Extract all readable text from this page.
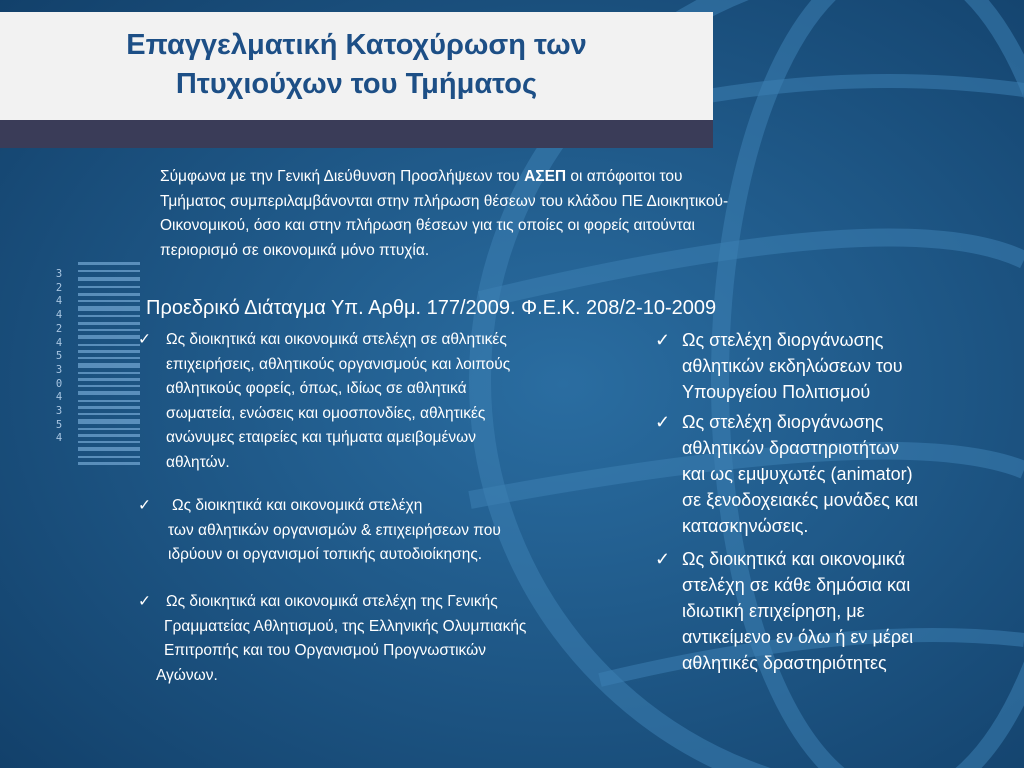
3
2
4
4
2
4
5
3
0
4
3
5
4
Επαγγελματική Κατοχύρωση των
Πτυχιούχων του Τμήματος
Σύμφωνα με την Γενική Διεύθυνση Προσλήψεων του ΑΣΕΠ οι απόφοιτοι του
Τμήματος συμπεριλαμβάνονται στην πλήρωση θέσεων του κλάδου ΠΕ Διοικητικού-
Οικονομικού, όσο και στην πλήρωση θέσεων για τις οποίες οι φορείς αιτούνται
περιορισμό σε οικονομικά μόνο πτυχία.
Προεδρικό Διάταγμα Υπ. Αρθμ. 177/2009. Φ.Ε.Κ. 208/2-10-2009
✓ Ως διοικητικά και οικονομικά στελέχη σε αθλητικές
επιχειρήσεις, αθλητικούς οργανισμούς και λοιπούς
αθλητικούς φορείς, όπως, ιδίως σε αθλητικά
σωματεία, ενώσεις και ομοσπονδίες, αθλητικές
ανώνυμες εταιρείες και τμήματα αμειβομένων
αθλητών.
✓	Ως διοικητικά και οικονομικά στελέχη
των αθλητικών οργανισμών & επιχειρήσεων που
ιδρύουν οι οργανισμοί τοπικής αυτοδιοίκησης.
✓ Ως διοικητικά και οικονομικά στελέχη της Γενικής
Γραμματείας Αθλητισμού, της Ελληνικής Ολυμπιακής
Επιτροπής και του Οργανισμού Προγνωστικών
Αγώνων.
✓ Ως στελέχη διοργάνωσης
αθλητικών εκδηλώσεων του
Υπουργείου Πολιτισμού
✓ Ως στελέχη διοργάνωσης
αθλητικών δραστηριοτήτων
και ως εμψυχωτές (animator)
σε ξενοδοχειακές μονάδες και
κατασκηνώσεις.
✓ Ως διοικητικά και οικονομικά
στελέχη σε κάθε δημόσια και
ιδιωτική επιχείρηση, με
αντικείμενο εν όλω ή εν μέρει
αθλητικές δραστηριότητες
